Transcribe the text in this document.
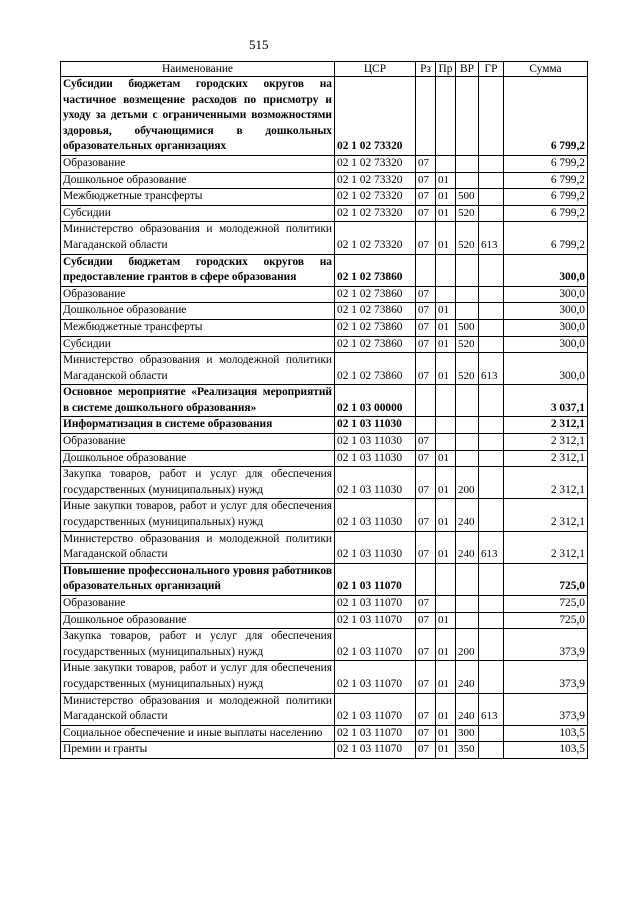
515
Наименование	ЦСР	Рз	Пр	ВР	ГР	Сумма
Субсидии бюджетам городских округов на частичное возмещение расходов по присмотру и уходу за детьми с ограниченными возможностями здоровья, обучающимися в дошкольных образовательных организациях	02 1 02 73320					6 799,2
Образование	02 1 02 73320	07				6 799,2
Дошкольное образование	02 1 02 73320	07	01			6 799,2
Межбюджетные трансферты	02 1 02 73320	07	01	500		6 799,2
Субсидии	02 1 02 73320	07	01	520		6 799,2
Министерство образования и молодежной политики Магаданской области	02 1 02 73320	07	01	520	613	6 799,2
Субсидии бюджетам городских округов на предоставление грантов в сфере образования	02 1 02 73860					300,0
Образование	02 1 02 73860	07				300,0
Дошкольное образование	02 1 02 73860	07	01			300,0
Межбюджетные трансферты	02 1 02 73860	07	01	500		300,0
Субсидии	02 1 02 73860	07	01	520		300,0
Министерство образования и молодежной политики Магаданской области	02 1 02 73860	07	01	520	613	300,0
Основное мероприятие «Реализация мероприятий в системе дошкольного образования»	02 1 03 00000					3 037,1
Информатизация в системе образования	02 1 03 11030					2 312,1
Образование	02 1 03 11030	07				2 312,1
Дошкольное образование	02 1 03 11030	07	01			2 312,1
Закупка товаров, работ и услуг для обеспечения государственных (муниципальных) нужд	02 1 03 11030	07	01	200		2 312,1
Иные закупки товаров, работ и услуг для обеспечения государственных (муниципальных) нужд	02 1 03 11030	07	01	240		2 312,1
Министерство образования и молодежной политики Магаданской области	02 1 03 11030	07	01	240	613	2 312,1
Повышение профессионального уровня работников образовательных организаций	02 1 03 11070					725,0
Образование	02 1 03 11070	07				725,0
Дошкольное образование	02 1 03 11070	07	01			725,0
Закупка товаров, работ и услуг для обеспечения государственных (муниципальных) нужд	02 1 03 11070	07	01	200		373,9
Иные закупки товаров, работ и услуг для обеспечения государственных (муниципальных) нужд	02 1 03 11070	07	01	240		373,9
Министерство образования и молодежной политики Магаданской области	02 1 03 11070	07	01	240	613	373,9
Социальное обеспечение и иные выплаты населению	02 1 03 11070	07	01	300		103,5
Премии и гранты	02 1 03 11070	07	01	350		103,5
